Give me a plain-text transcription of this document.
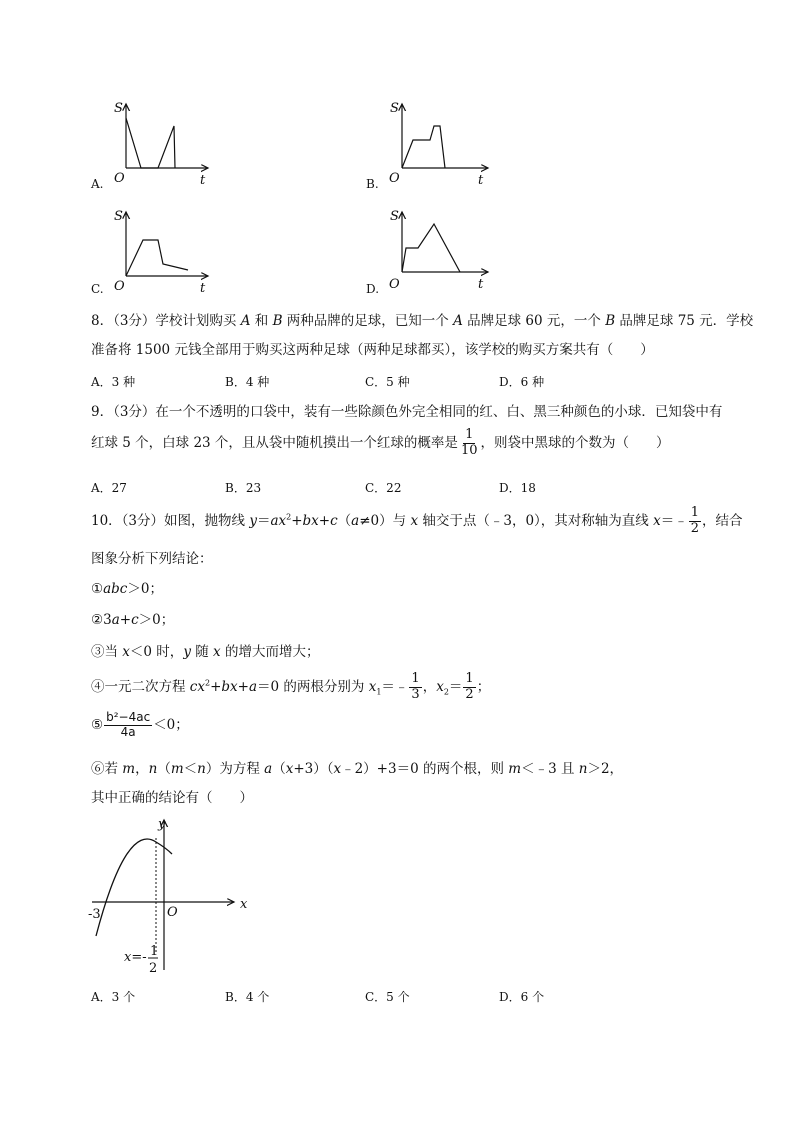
S
t
O
A.
S
t
O
B.
S
t
O
C.
S
t
O
D.
8．（3分）学校计划购买 A 和 B 两种品牌的足球，已知一个 A 品牌足球 60 元，一个 B 品牌足球 75 元．学校
准备将 1500 元钱全部用于购买这两种足球（两种足球都买），该学校的购买方案共有（　　）
A．3 种	B．4 种	C．5 种	D．6 种
9．（3分）在一个不透明的口袋中，装有一些除颜色外完全相同的红、白、黑三种颜色的小球．已知袋中有
红球 5 个，白球 23 个，且从袋中随机摸出一个红球的概率是 $\frac{1}{10}$ ，则袋中黑球的个数为（　　）
A．27	B．23	C．22	D．18
10．（3分）如图，抛物线 $y=ax^2+bx+c(a\ne 0)$与 x 轴交于点（﹣3，0），其对称轴为直线 x＝﹣ $\frac{1}{2}$ ，结合
图象分析下列结论：
①abc＞0；
②3a+c＞0；
③当 x＜0 时，y 随 x 的增大而增大；
④一元二次方程 $cx^2+bx+a=0$ 的两根分别为 $x_1=﹣ \frac{1}{3}$ ，$x_2= \frac{1}{2}$ ；
⑤ $\frac{\text{b²−4ac}}{4a} <0$；
⑥若 m，n（m＜n）为方程 a（x+3）（x﹣2）+3＝0 的两个根，则 m＜﹣3 且 n＞2，
其中正确的结论有（　　）
x
y
O
-3
x=- 1
2
A．3 个	B．4 个	C．5 个	D．6 个
